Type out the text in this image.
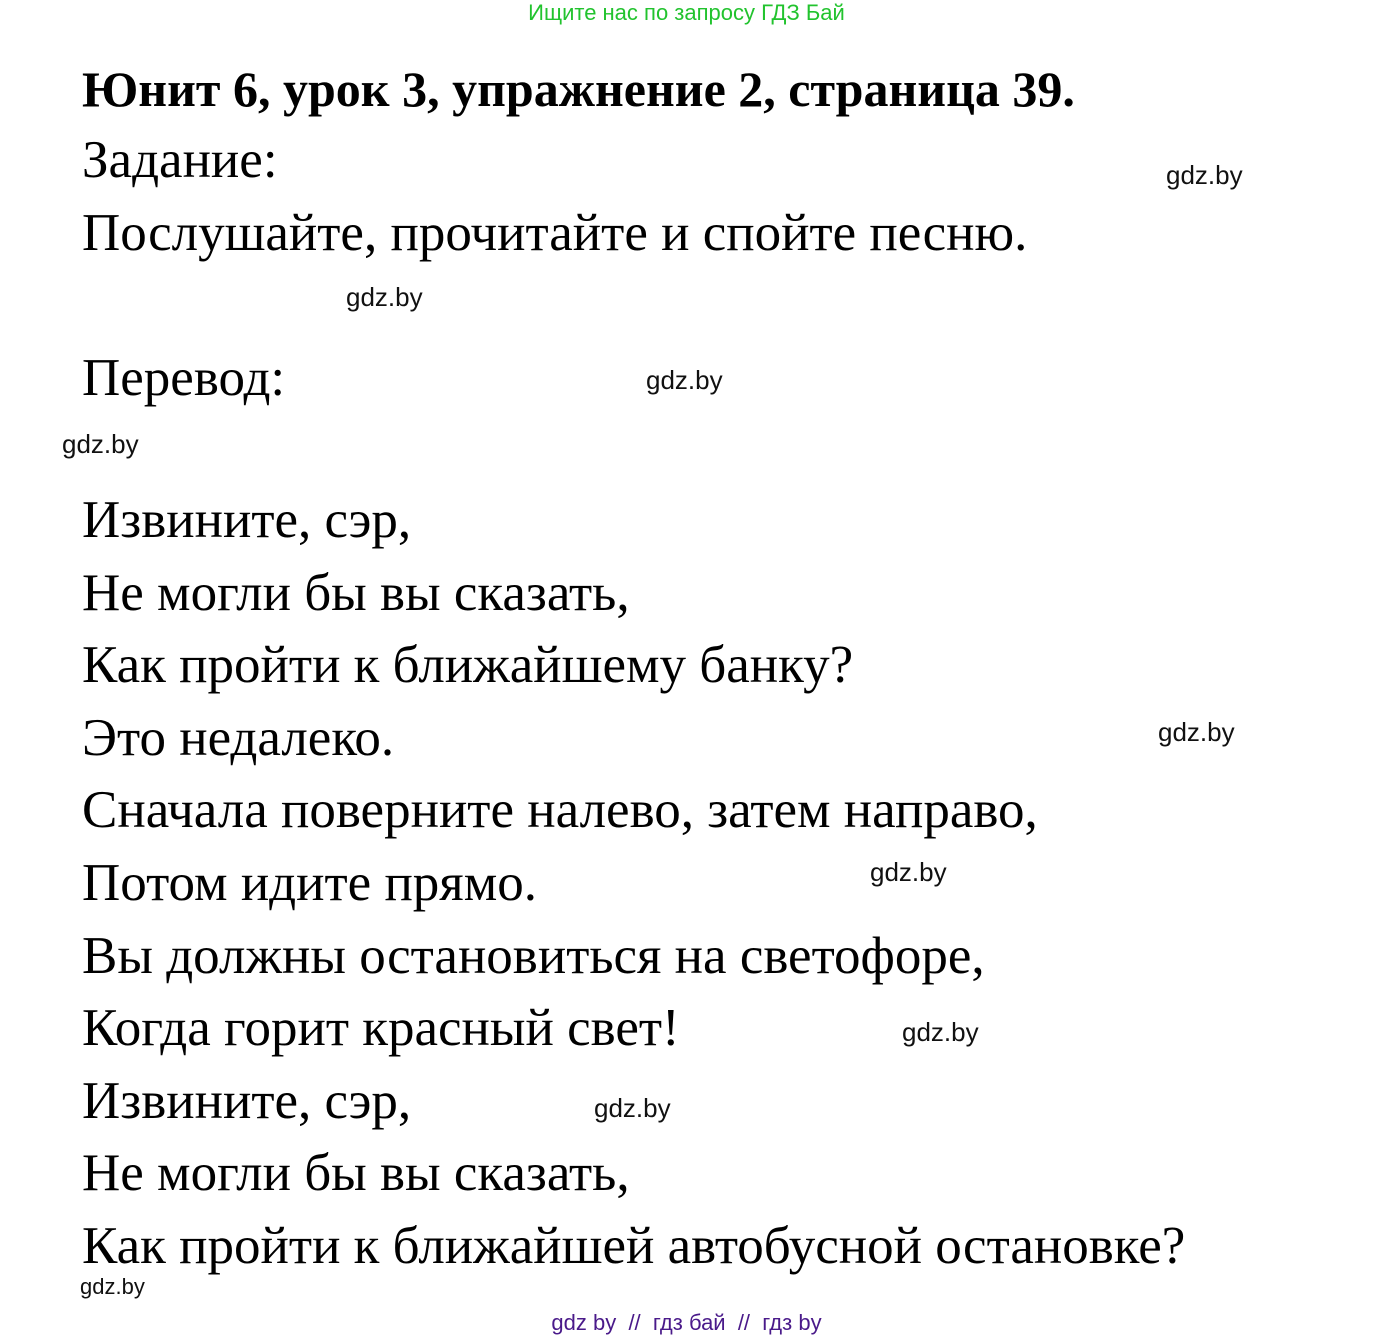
Ищите нас по запросу ГДЗ Бай
Юнит 6, урок 3, упражнение 2, страница 39.
Задание:
Послушайте, прочитайте и спойте песню.
Перевод:
Извините, сэр,
Не могли бы вы сказать,
Как пройти к ближайшему банку?
Это недалеко.
Сначала поверните налево, затем направо,
Потом идите прямо.
Вы должны остановиться на светофоре,
Когда горит красный свет!
Извините, сэр,
Не могли бы вы сказать,
Как пройти к ближайшей автобусной остановке?
gdz.by
gdz.by
gdz.by
gdz.by
gdz.by
gdz.by
gdz.by
gdz.by
gdz.by
gdz by  //  гдз бай  //  гдз by
